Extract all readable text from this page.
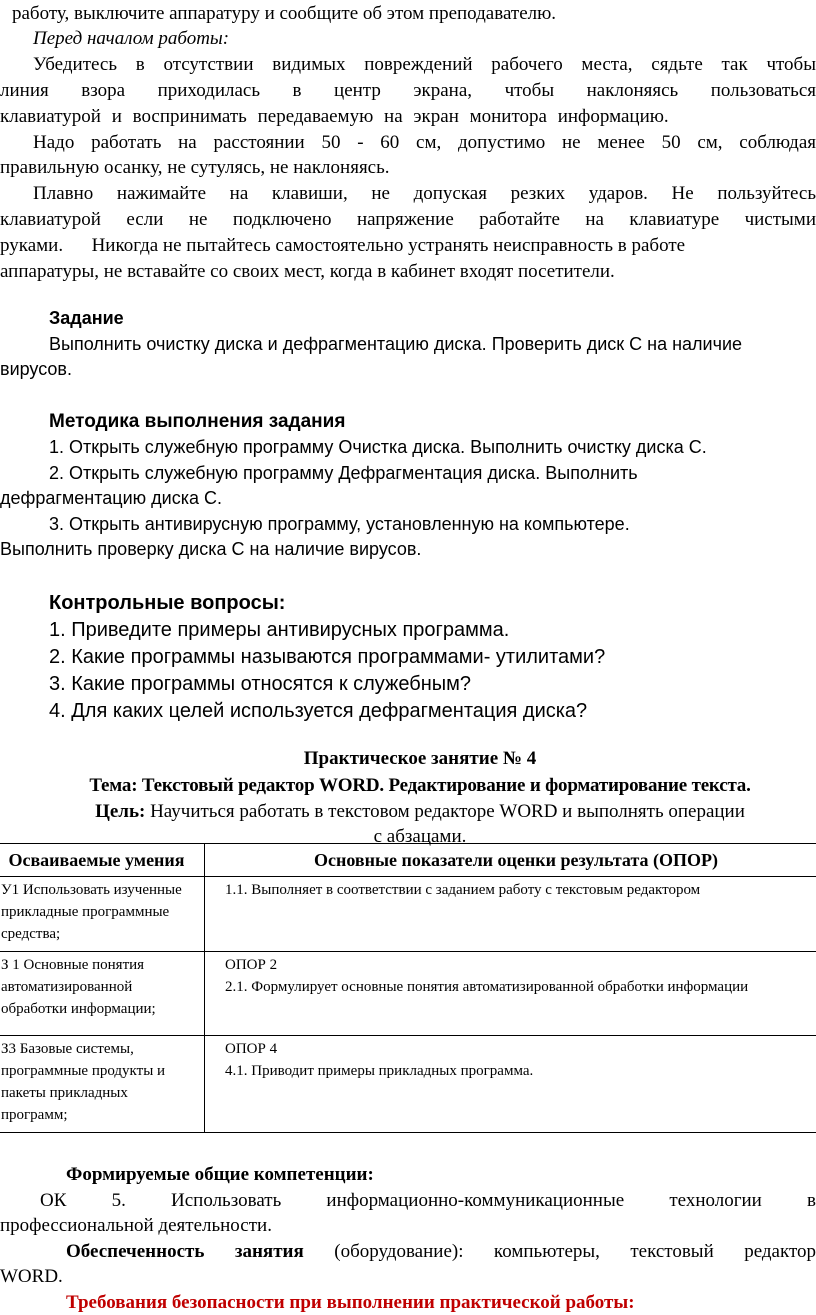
работу, выключите аппаратуру и сообщите об этом преподавателю.
Перед началом работы:
Убедитесь в отсутствии видимых повреждений рабочего места, сядьте так чтобы
линия взора приходилась в центр экрана, чтобы наклоняясь пользоваться
клавиатурой и воспринимать передаваемую на экран монитора информацию.
Надо работать на расстоянии 50 - 60 см, допустимо не менее 50 см, соблюдая
правильную осанку, не сутулясь, не наклоняясь.
Плавно нажимайте на клавиши, не допуская резких ударов. Не пользуйтесь
клавиатурой если не подключено напряжение работайте на клавиатуре чистыми
руками.      Никогда не пытайтесь самостоятельно устранять неисправность в работе
аппаратуры, не вставайте со своих мест, когда в кабинет входят посетители.
Задание
Выполнить очистку диска и дефрагментацию диска. Проверить диск С на наличие
вирусов.
Методика выполнения задания
1. Открыть служебную программу Очистка диска. Выполнить очистку диска С.
2. Открыть служебную программу Дефрагментация диска. Выполнить
дефрагментацию диска С.
3. Открыть антивирусную программу, установленную на компьютере.
Выполнить проверку диска С на наличие вирусов.
Контрольные вопросы:
1. Приведите примеры антивирусных программа.
2. Какие программы называются программами- утилитами?
3. Какие программы относятся к служебным?
4. Для каких целей используется дефрагментация диска?
Практическое занятие № 4
Тема: Текстовый редактор WORD. Редактирование и форматирование текста.
Цель: Научиться работать в текстовом редакторе WORD и выполнять операции
с абзацами.
Осваиваемые умения	Основные показатели оценки результата (ОПОР)
У1 Использовать изученные прикладные программные средства;	1.1. Выполняет в соответствии с заданием работу с текстовым редактором

З 1 Основные понятия автоматизированной обработки информации;	ОПОР 2
2.1. Формулирует основные понятия автоматизированной обработки информации

З3 Базовые системы, программные продукты и пакеты прикладных программ;	ОПОР 4
4.1. Приводит примеры прикладных программа.
Формируемые общие компетенции:
ОК 5. Использовать информационно-коммуникационные технологии в
профессиональной деятельности.
Обеспеченность занятия (оборудование): компьютеры, текстовый редактор
WORD.
Требования безопасности при выполнении практической работы:
